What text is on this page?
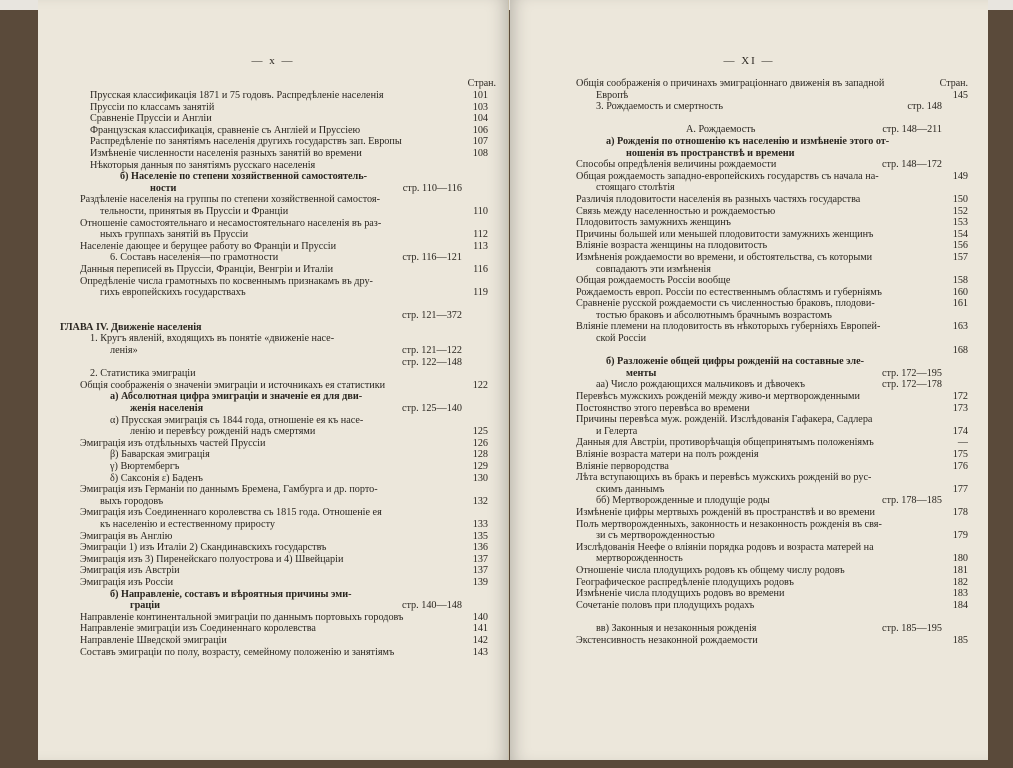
— x —
Стран.
Прусская классификація 1871 и 75 годовъ. Распредѣленіе населенія	101
Пруссіи по классамъ занятій	103
Сравненіе Пруссіи и Англіи	104
Французская классификація, сравненіе съ Англіей и Пруссіею	106
Распредѣленіе по занятіямъ населенія другихъ государствъ зап. Европы	107
Измѣненіе численности населенія разныхъ занятій во времени	108
Нѣкоторыя данныя по занятіямъ русскаго населенія
б) Населеніе по степени хозяйственной самостоятель-
ности	стр. 110—116
Раздѣленіе населенія на группы по степени хозяйственной самостоя-
тельности, принятыя въ Пруссіи и Франціи	110
Отношеніе самостоятельнаго и несамостоятельнаго населенія въ раз-
ныхъ группахъ занятій въ Пруссіи	112
Населеніе дающее и берущее работу во Франціи и Пруссіи	113
6. Составъ населенія—по грамотности	стр. 116—121
Данныя переписей въ Пруссіи, Франціи, Венгріи и Италіи	116
Опредѣленіе числа грамотныхъ по косвеннымъ признакамъ въ дру-
гихъ европейскихъ государствахъ	119
стр. 121—372
ГЛАВА IV. Движеніе населенія
1. Кругъ явленій, входящихъ въ понятіе «движеніе насе-
ленія»	стр. 121—122
стр. 122—148
2. Статистика эмиграціи
Общія соображенія о значеніи эмиграціи и источникахъ ея статистики	122
а) Абсолютная цифра эмиграціи и значеніе ея для дви-
женія населенія	стр. 125—140
α) Прусская эмиграція съ 1844 года, отношеніе ея къ насе-
ленію и перевѣсу рожденій надъ смертями	125
Эмиграція изъ отдѣльныхъ частей Пруссіи	126
β) Баварская эмиграція	128
γ) Вюртембергъ	129
δ) Саксонія ε) Баденъ	130
Эмиграція изъ Германіи по даннымъ Бремена, Гамбурга и др. порто-
выхъ городовъ	132
Эмиграція изъ Соединеннаго королевства съ 1815 года. Отношеніе ея
къ населенію и естественному приросту	133
Эмиграція въ Англію	135
Эмиграціи 1) изъ Италіи 2) Скандинавскихъ государствъ	136
Эмиграція изъ 3) Пиренейскаго полуострова и 4) Швейцаріи	137
Эмиграція изъ Австріи	137
Эмиграція изъ Россіи	139
б) Направленіе, составъ и вѣроятныя причины эми-
граціи	стр. 140—148
Направленіе континентальной эмиграціи по даннымъ портовыхъ городовъ	140
Направленіе эмиграціи изъ Соединеннаго королевства	141
Направленіе Шведской эмиграціи	142
Составъ эмиграціи по полу, возрасту, семейному положенію и занятіямъ	143
— XI —
Стран.
Общія соображенія о причинахъ эмиграціоннаго движенія въ западной
Европѣ	145
3. Рождаемость и смертность	стр. 148
А. Рождаемость	стр. 148—211
а) Рожденія по отношенію къ населенію и измѣненіе этого от-
ношенія въ пространствѣ и времени
Способы опредѣленія величины рождаемости	стр. 148—172
Общая рождаемость западно-европейскихъ государствъ съ начала на-	149
стоящаго столѣтія
Различія плодовитости населенія въ разныхъ частяхъ государства	150
Связь между населенностью и рождаемостью	152
Плодовитость замужнихъ женщинъ	153
Причины большей или меньшей плодовитости замужнихъ женщинъ	154
Вліяніе возраста женщины на плодовитость	156
Измѣненія рождаемости во времени, и обстоятельства, съ которыми	157
совпадаютъ эти измѣненія
Общая рождаемость Россіи вообще	158
Рождаемость европ. Россіи по естественнымъ областямъ и губерніямъ	160
Сравненіе русской рождаемости съ численностью браковъ, плодови-	161
тостью браковъ и абсолютнымъ брачнымъ возрастомъ
Вліяніе племени на плодовитость въ нѣкоторыхъ губерніяхъ Европей-	163
ской Россіи
168
б) Разложеніе общей цифры рожденій на составные эле-
менты	стр. 172—195
аа) Число рождающихся мальчиковъ и дѣвочекъ	стр. 172—178
Перевѣсъ мужскихъ рожденій между живо-и мертворожденными	172
Постоянство этого перевѣса во времени	173
Причины перевѣса муж. рожденій. Изслѣдованія Гафакера, Садлера
и Гелерта	174
Данныя для Австріи, противорѣчащія общепринятымъ положеніямъ	—
Вліяніе возраста матери на полъ рожденія	175
Вліяніе первородства	176
Лѣта вступающихъ въ бракъ и перевѣсъ мужскихъ рожденій во рус-
скимъ даннымъ	177
бб) Мертворожденные и плодущіе роды	стр. 178—185
Измѣненіе цифры мертвыхъ рожденій въ пространствѣ и во времени	178
Полъ мертворожденныхъ, законность и незаконность рожденія въ свя-
зи съ мертворожденностью	179
Изслѣдованія Неефе о вліяніи порядка родовъ и возраста матерей на
мертворожденность	180
Отношеніе числа плодущихъ родовъ къ общему числу родовъ	181
Географическое распредѣленіе плодущихъ родовъ	182
Измѣненіе числа плодущихъ родовъ во времени	183
Сочетаніе половъ при плодущихъ родахъ	184
вв) Законныя и незаконныя рожденія	стр. 185—195
Экстенсивность незаконной рождаемости	185
